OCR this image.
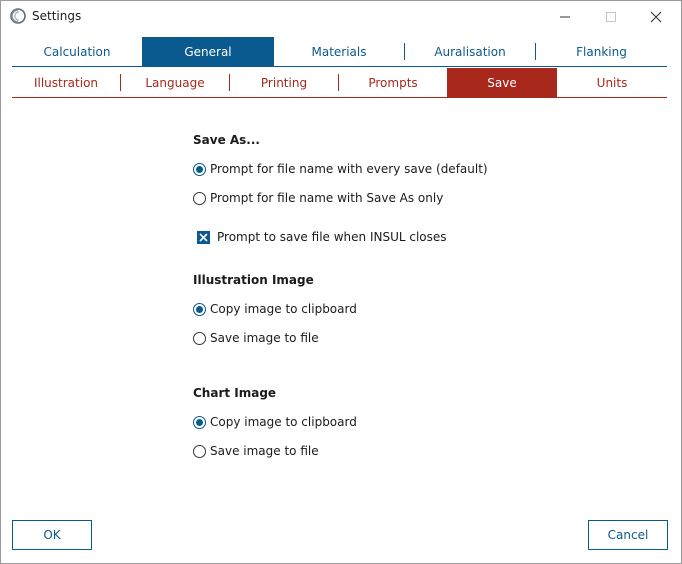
Settings
Calculation	General	Materials	Auralisation	Flanking
Illustration	Language	Printing	Prompts	Save	Units
Save As...
Prompt for file name with every save (default)
Prompt for file name with Save As only
Prompt to save file when INSUL closes
Illustration Image
Copy image to clipboard
Save image to file
Chart Image
Copy image to clipboard
Save image to file
OK	Cancel
